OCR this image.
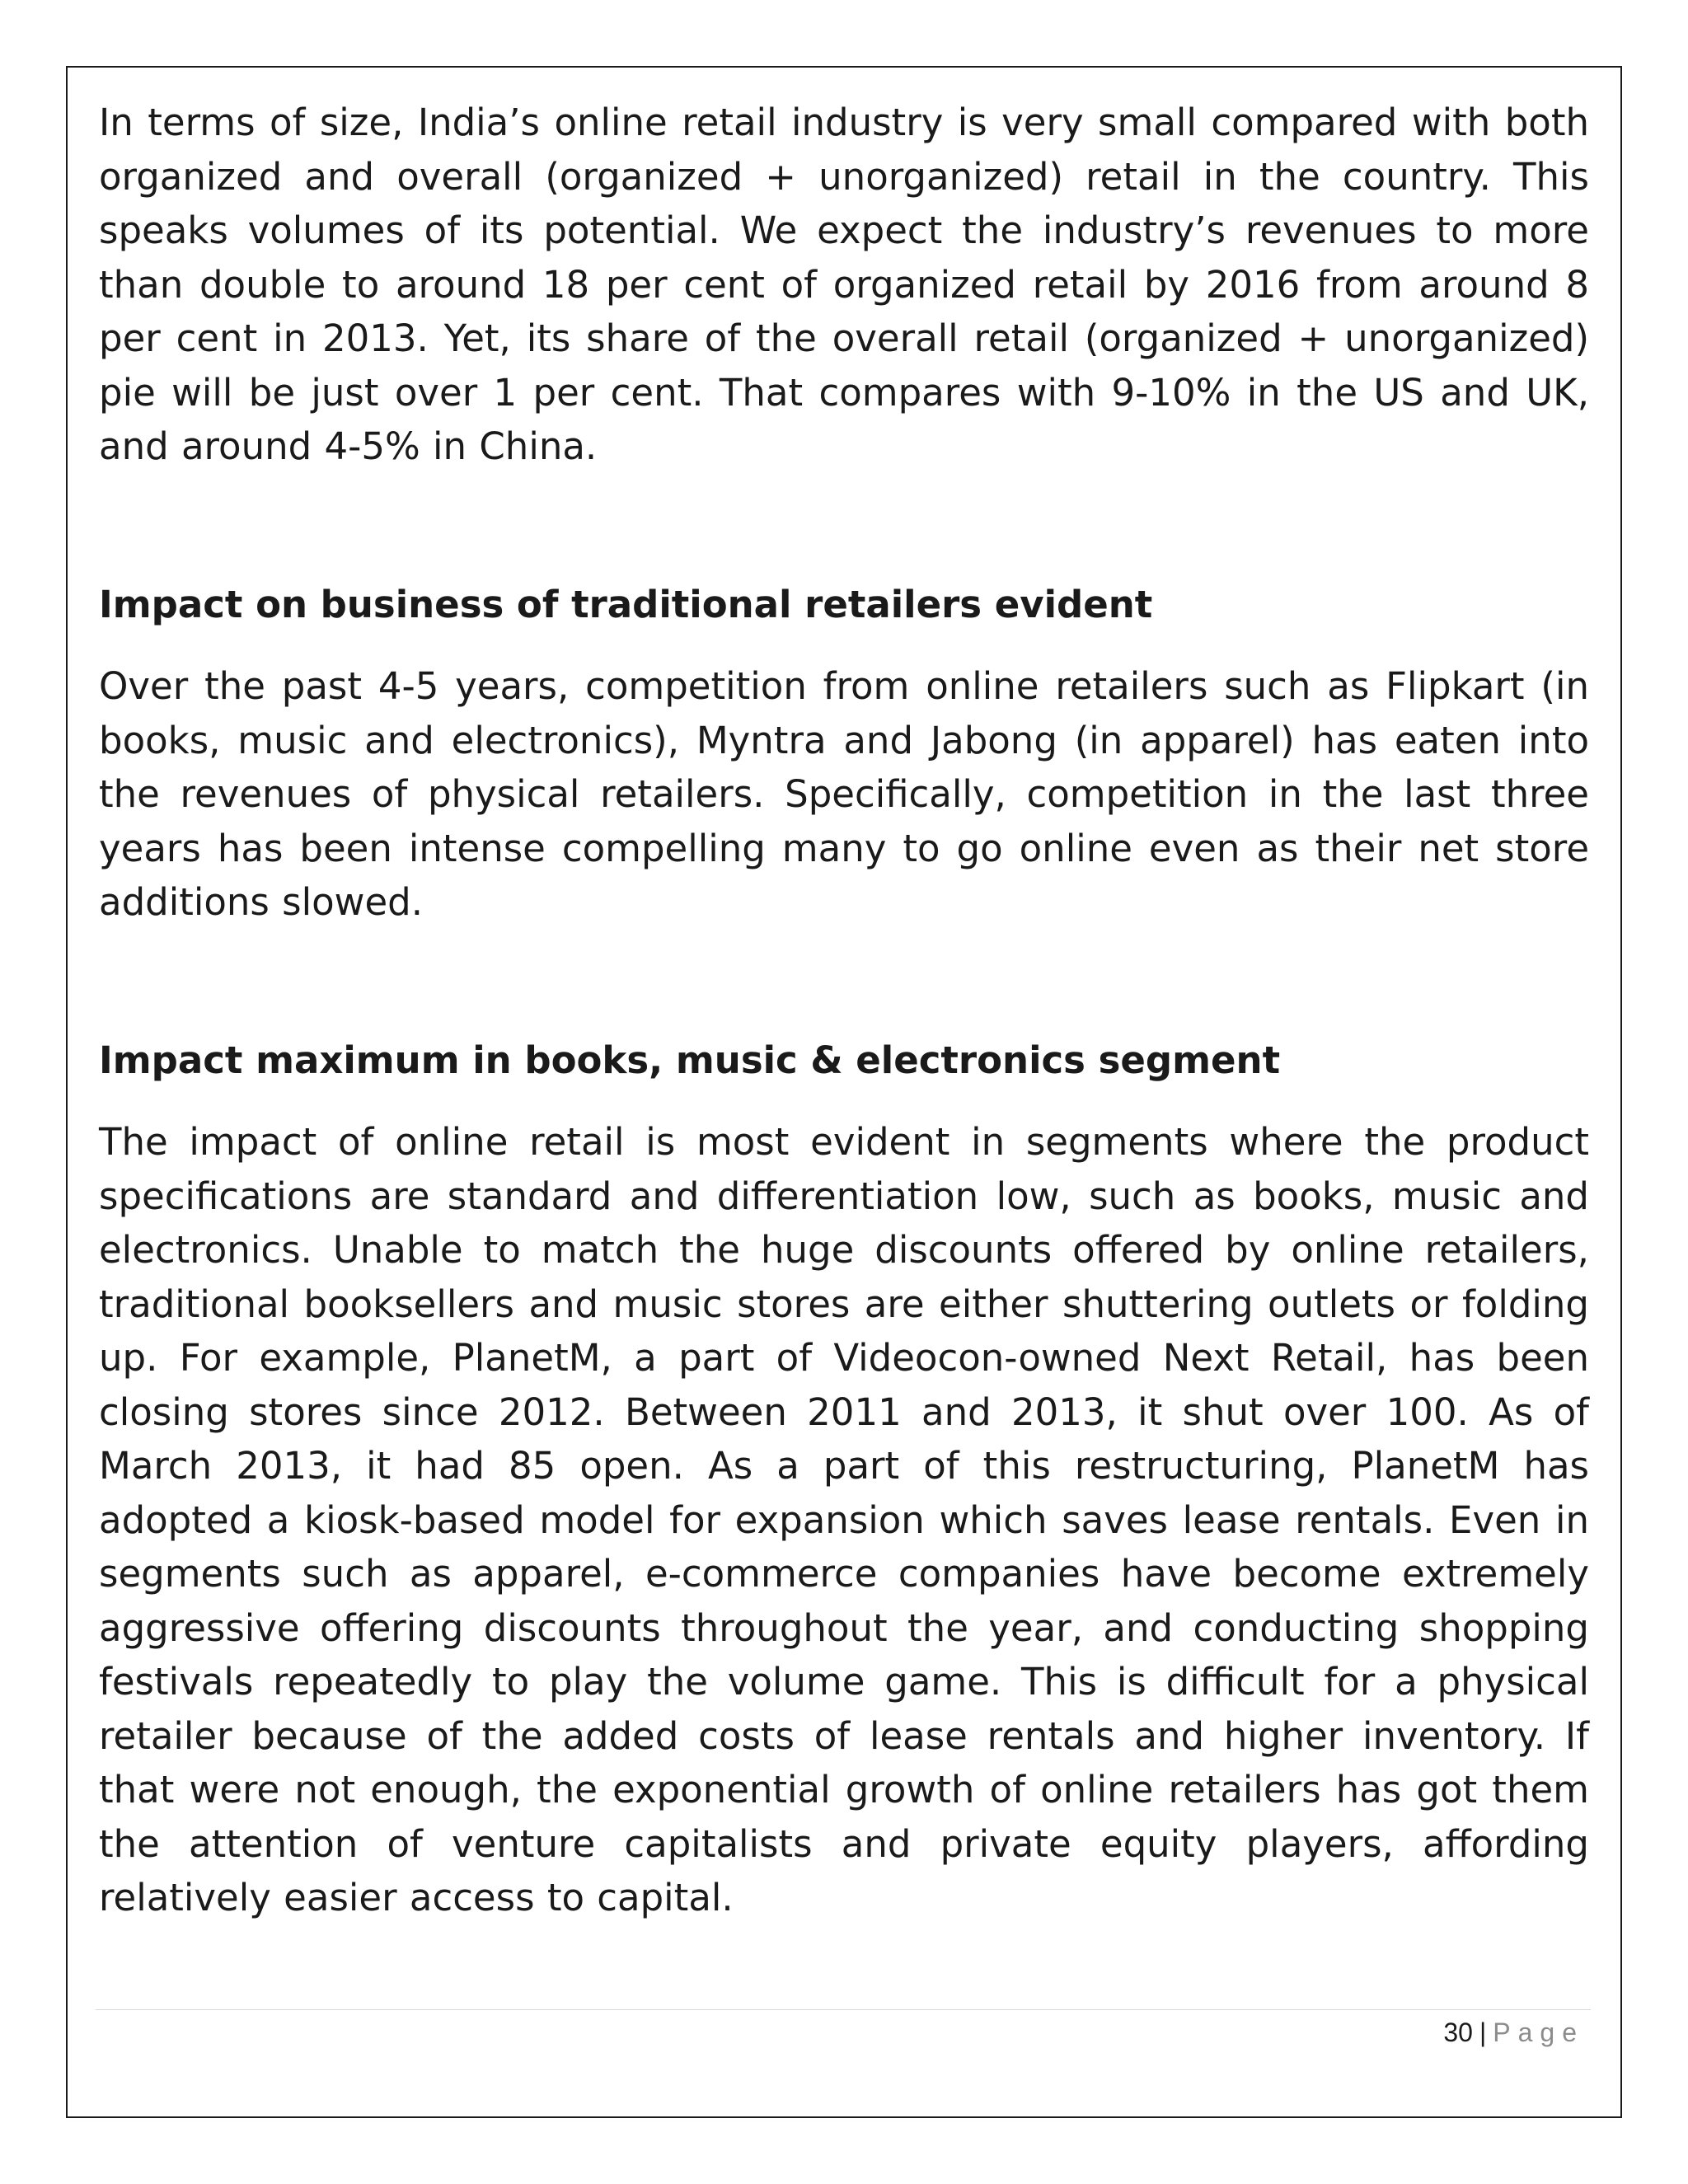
In terms of size, India’s online retail industry is very small compared with both organized and overall (organized + unorganized) retail in the country. This speaks volumes of its potential. We expect the industry’s revenues to more than double to around 18 per cent of organized retail by 2016 from around 8 per cent in 2013. Yet, its share of the overall retail (organized + unorganized) pie will be just over 1 per cent. That compares with 9-10% in the US and UK, and around 4-5% in China.

Impact on business of traditional retailers evident

Over the past 4-5 years, competition from online retailers such as Flipkart (in books, music and electronics), Myntra and Jabong (in apparel) has eaten into the revenues of physical retailers. Specifically, competition in the last three years has been intense compelling many to go online even as their net store additions slowed.

Impact maximum in books, music & electronics segment

The impact of online retail is most evident in segments where the product specifications are standard and differentiation low, such as books, music and electronics. Unable to match the huge discounts offered by online retailers, traditional booksellers and music stores are either shuttering outlets or folding up. For example, PlanetM, a part of Videocon-owned Next Retail, has been closing stores since 2012. Between 2011 and 2013, it shut over 100. As of March 2013, it had 85 open. As a part of this restructuring, PlanetM has adopted a kiosk-based model for expansion which saves lease rentals. Even in segments such as apparel, e-commerce companies have become extremely aggressive offering discounts throughout the year, and conducting shopping festivals repeatedly to play the volume game. This is difficult for a physical retailer because of the added costs of lease rentals and higher inventory. If that were not enough, the exponential growth of online retailers has got them the attention of venture capitalists and private equity players, affording relatively easier access to capital.

30 | Page
